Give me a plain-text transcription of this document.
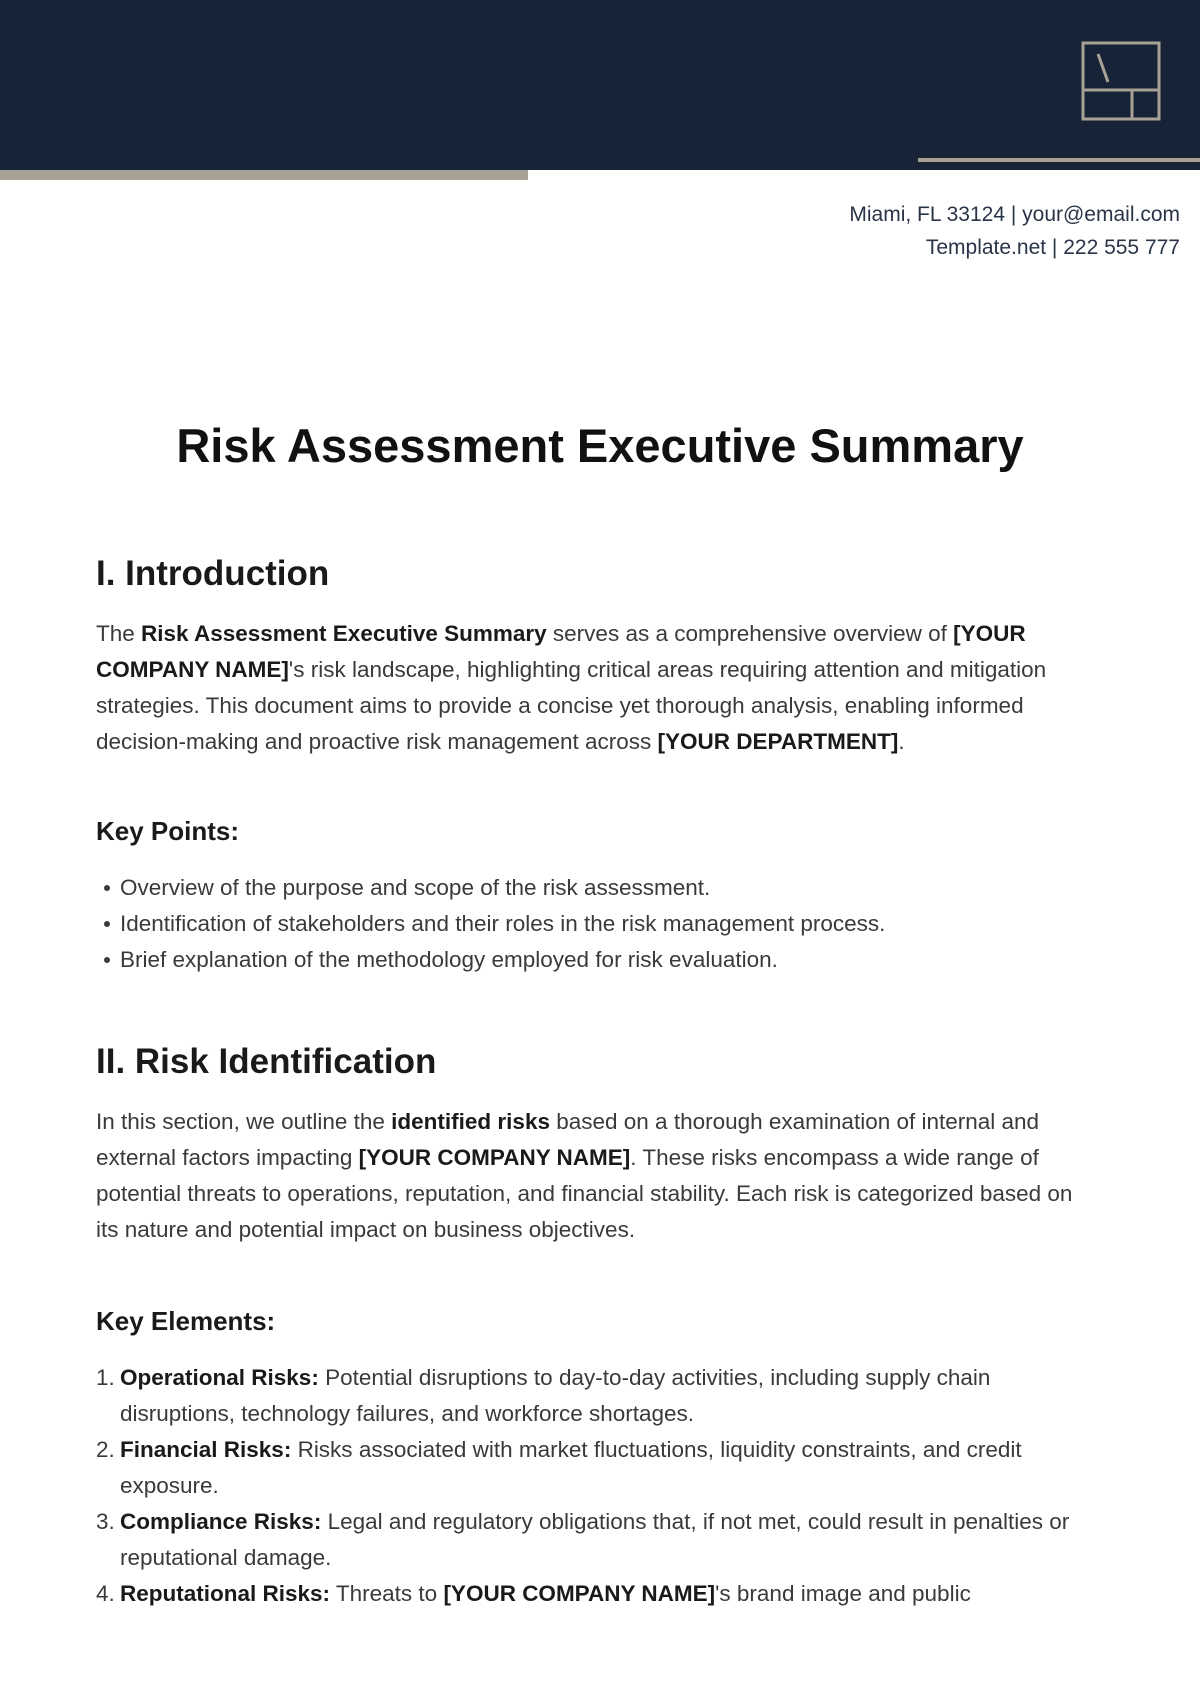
Miami, FL 33124 | your@email.com
Template.net | 222 555 777
Risk Assessment Executive Summary
I. Introduction

The Risk Assessment Executive Summary serves as a comprehensive overview of [YOUR COMPANY NAME]'s risk landscape, highlighting critical areas requiring attention and mitigation strategies. This document aims to provide a concise yet thorough analysis, enabling informed decision-making and proactive risk management across [YOUR DEPARTMENT].

Key Points:
Overview of the purpose and scope of the risk assessment.
Identification of stakeholders and their roles in the risk management process.
Brief explanation of the methodology employed for risk evaluation.
II. Risk Identification

In this section, we outline the identified risks based on a thorough examination of internal and external factors impacting [YOUR COMPANY NAME]. These risks encompass a wide range of potential threats to operations, reputation, and financial stability. Each risk is categorized based on its nature and potential impact on business objectives.

Key Elements:
Operational Risks: Potential disruptions to day-to-day activities, including supply chain disruptions, technology failures, and workforce shortages.
Financial Risks: Risks associated with market fluctuations, liquidity constraints, and credit exposure.
Compliance Risks: Legal and regulatory obligations that, if not met, could result in penalties or reputational damage.
Reputational Risks: Threats to [YOUR COMPANY NAME]'s brand image and public
